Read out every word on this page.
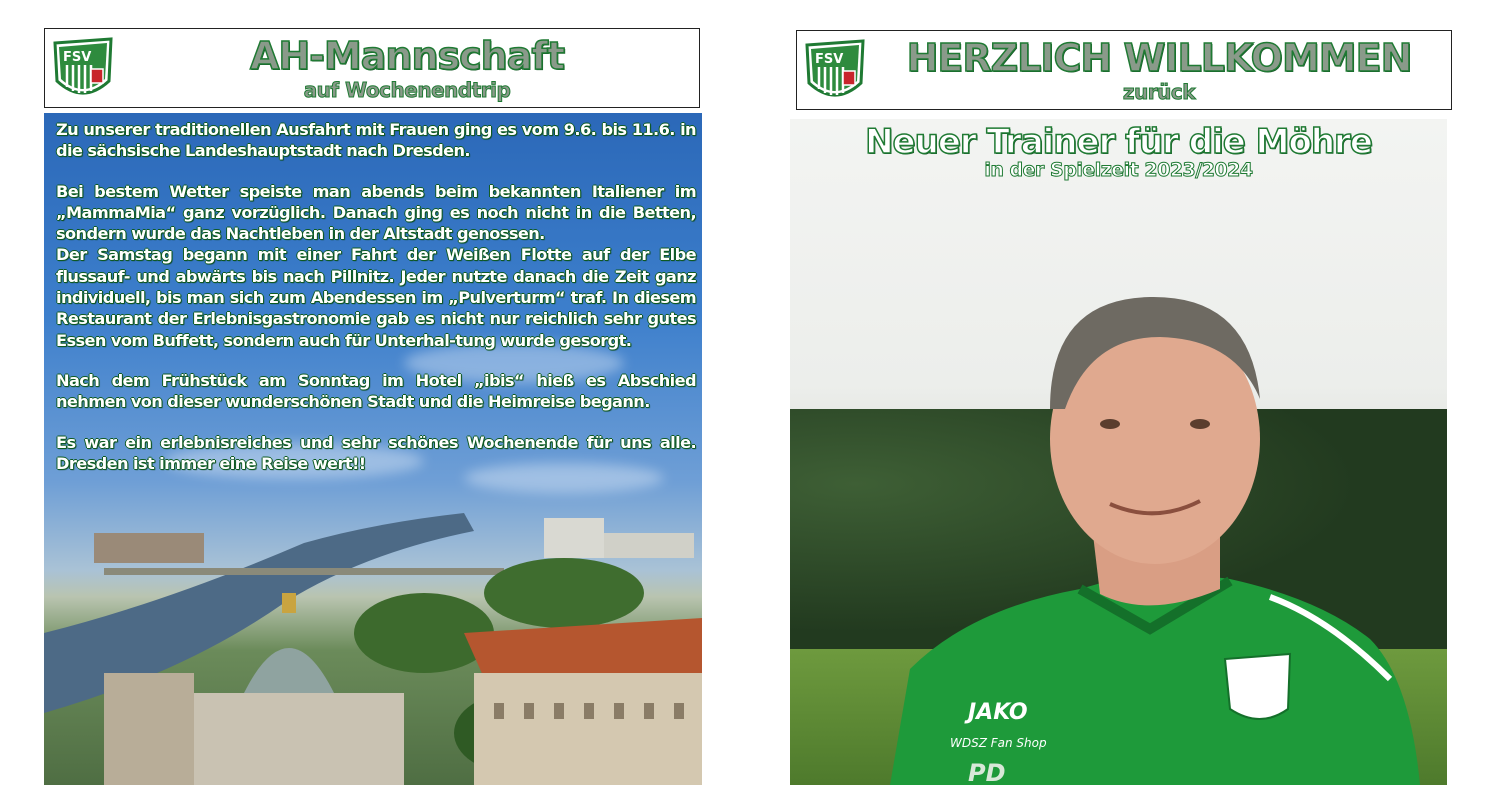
FSV	AH-Mannschaft
auf Wochenendtrip

Zu unserer traditionellen Ausfahrt mit Frauen ging es vom 9.6. bis 11.6. in die sächsische Landeshauptstadt nach Dresden.

Bei bestem Wetter speiste man abends beim bekannten Italiener im „MammaMia“ ganz vorzüglich. Danach ging es noch nicht in die Betten, sondern wurde das Nachtleben in der Altstadt genossen.

Der Samstag begann mit einer Fahrt der Weißen Flotte auf der Elbe flussauf- und abwärts bis nach Pillnitz. Jeder nutzte danach die Zeit ganz individuell, bis man sich zum Abendessen im „Pulverturm“ traf. In diesem Restaurant der Erlebnisgastronomie gab es nicht nur reichlich sehr gutes Essen vom Buffett, sondern auch für Unterhal-tung wurde gesorgt.

Nach dem Frühstück am Sonntag im Hotel „ibis“ hieß es Abschied nehmen von dieser wunderschönen Stadt und die Heimreise begann.

Es war ein erlebnisreiches und sehr schönes Wochenende für uns alle. Dresden ist immer eine Reise wert!!

FSV	HERZLICH WILLKOMMEN
zurück
JAKO
WDSZ Fan Shop
PD
Neuer Trainer für die Möhre
in der Spielzeit 2023/2024
